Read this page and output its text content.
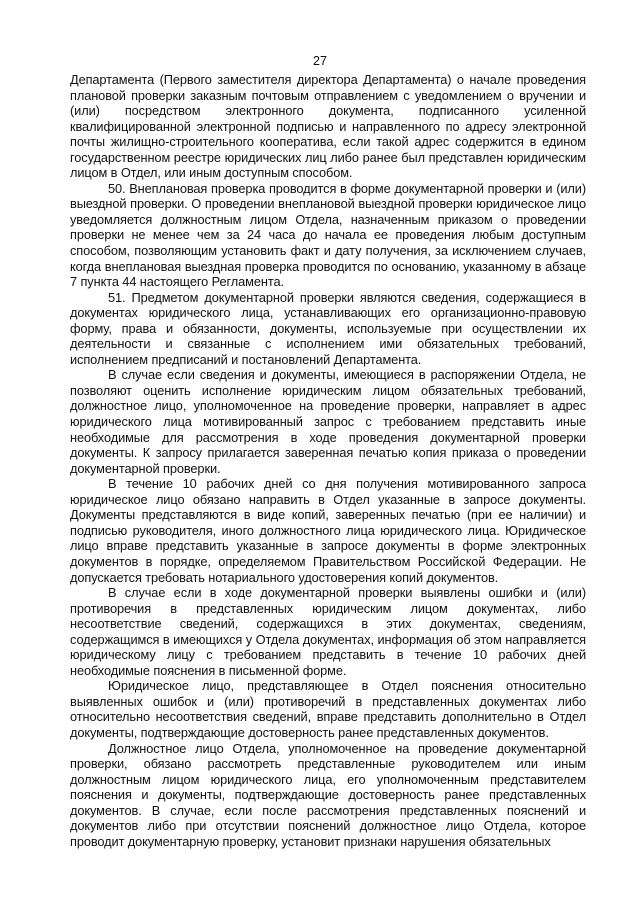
27

Департамента (Первого заместителя директора Департамента) о начале проведения плановой проверки заказным почтовым отправлением с уведомлением о вручении и (или) посредством электронного документа, подписанного усиленной квалифицированной электронной подписью и направленного по адресу электронной почты жилищно-строительного кооператива, если такой адрес содержится в едином государственном реестре юридических лиц либо ранее был представлен юридическим лицом в Отдел, или иным доступным способом.

50. Внеплановая проверка проводится в форме документарной проверки и (или) выездной проверки. О проведении внеплановой выездной проверки юридическое лицо уведомляется должностным лицом Отдела, назначенным приказом о проведении проверки не менее чем за 24 часа до начала ее проведения любым доступным способом, позволяющим установить факт и дату получения, за исключением случаев, когда внеплановая выездная проверка проводится по основанию, указанному в абзаце 7 пункта 44 настоящего Регламента.

51. Предметом документарной проверки являются сведения, содержащиеся в документах юридического лица, устанавливающих его организационно-правовую форму, права и обязанности, документы, используемые при осуществлении их деятельности и связанные с исполнением ими обязательных требований, исполнением предписаний и постановлений Департамента.

В случае если сведения и документы, имеющиеся в распоряжении Отдела, не позволяют оценить исполнение юридическим лицом обязательных требований, должностное лицо, уполномоченное на проведение проверки, направляет в адрес юридического лица мотивированный запрос с требованием представить иные необходимые для рассмотрения в ходе проведения документарной проверки документы. К запросу прилагается заверенная печатью копия приказа о проведении документарной проверки.

В течение 10 рабочих дней со дня получения мотивированного запроса юридическое лицо обязано направить в Отдел указанные в запросе документы. Документы представляются в виде копий, заверенных печатью (при ее наличии) и подписью руководителя, иного должностного лица юридического лица. Юридическое лицо вправе представить указанные в запросе документы в форме электронных документов в порядке, определяемом Правительством Российской Федерации. Не допускается требовать нотариального удостоверения копий документов.

В случае если в ходе документарной проверки выявлены ошибки и (или) противоречия в представленных юридическим лицом документах, либо несоответствие сведений, содержащихся в этих документах, сведениям, содержащимся в имеющихся у Отдела документах, информация об этом направляется юридическому лицу с требованием представить в течение 10 рабочих дней необходимые пояснения в письменной форме.

Юридическое лицо, представляющее в Отдел пояснения относительно выявленных ошибок и (или) противоречий в представленных документах либо относительно несоответствия сведений, вправе представить дополнительно в Отдел документы, подтверждающие достоверность ранее представленных документов.

Должностное лицо Отдела, уполномоченное на проведение документарной проверки, обязано рассмотреть представленные руководителем или иным должностным лицом юридического лица, его уполномоченным представителем пояснения и документы, подтверждающие достоверность ранее представленных документов. В случае, если после рассмотрения представленных пояснений и документов либо при отсутствии пояснений должностное лицо Отдела, которое проводит документарную проверку, установит признаки нарушения обязательных
